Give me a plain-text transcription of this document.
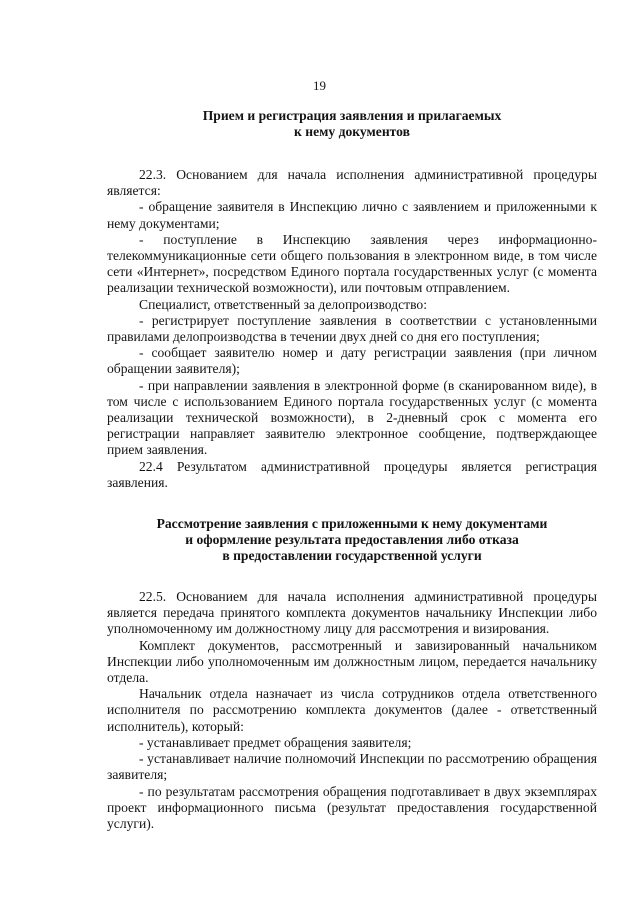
19
Прием и регистрация заявления и прилагаемых
к нему документов

22.3. Основанием для начала исполнения административной процедуры является:

- обращение заявителя в Инспекцию лично с заявлением и приложенными к нему документами;

- поступление в Инспекцию заявления через информационно-телекоммуникационные сети общего пользования в электронном виде, в том числе сети «Интернет», посредством Единого портала государственных услуг (с момента реализации технической возможности), или почтовым отправлением.

Специалист, ответственный за делопроизводство:

- регистрирует поступление заявления в соответствии с установленными правилами делопроизводства в течении двух дней со дня его поступления;

- сообщает заявителю номер и дату регистрации заявления (при личном обращении заявителя);

- при направлении заявления в электронной форме (в сканированном виде), в том числе с использованием Единого портала государственных услуг (с момента реализации технической возможности), в 2-дневный срок с момента его регистрации направляет заявителю электронное сообщение, подтверждающее прием заявления.

22.4 Результатом административной процедуры является регистрация заявления.

Рассмотрение заявления с приложенными к нему документами
и оформление результата предоставления либо отказа
в предоставлении государственной услуги

22.5. Основанием для начала исполнения административной процедуры является передача принятого комплекта документов начальнику Инспекции либо уполномоченному им должностному лицу для рассмотрения и визирования.

Комплект документов, рассмотренный и завизированный начальником Инспекции либо уполномоченным им должностным лицом, передается начальнику отдела.

Начальник отдела назначает из числа сотрудников отдела ответственного исполнителя по рассмотрению комплекта документов (далее - ответственный исполнитель), который:

- устанавливает предмет обращения заявителя;

- устанавливает наличие полномочий Инспекции по рассмотрению обращения заявителя;

- по результатам рассмотрения обращения подготавливает в двух экземплярах проект информационного письма (результат предоставления государственной услуги).
